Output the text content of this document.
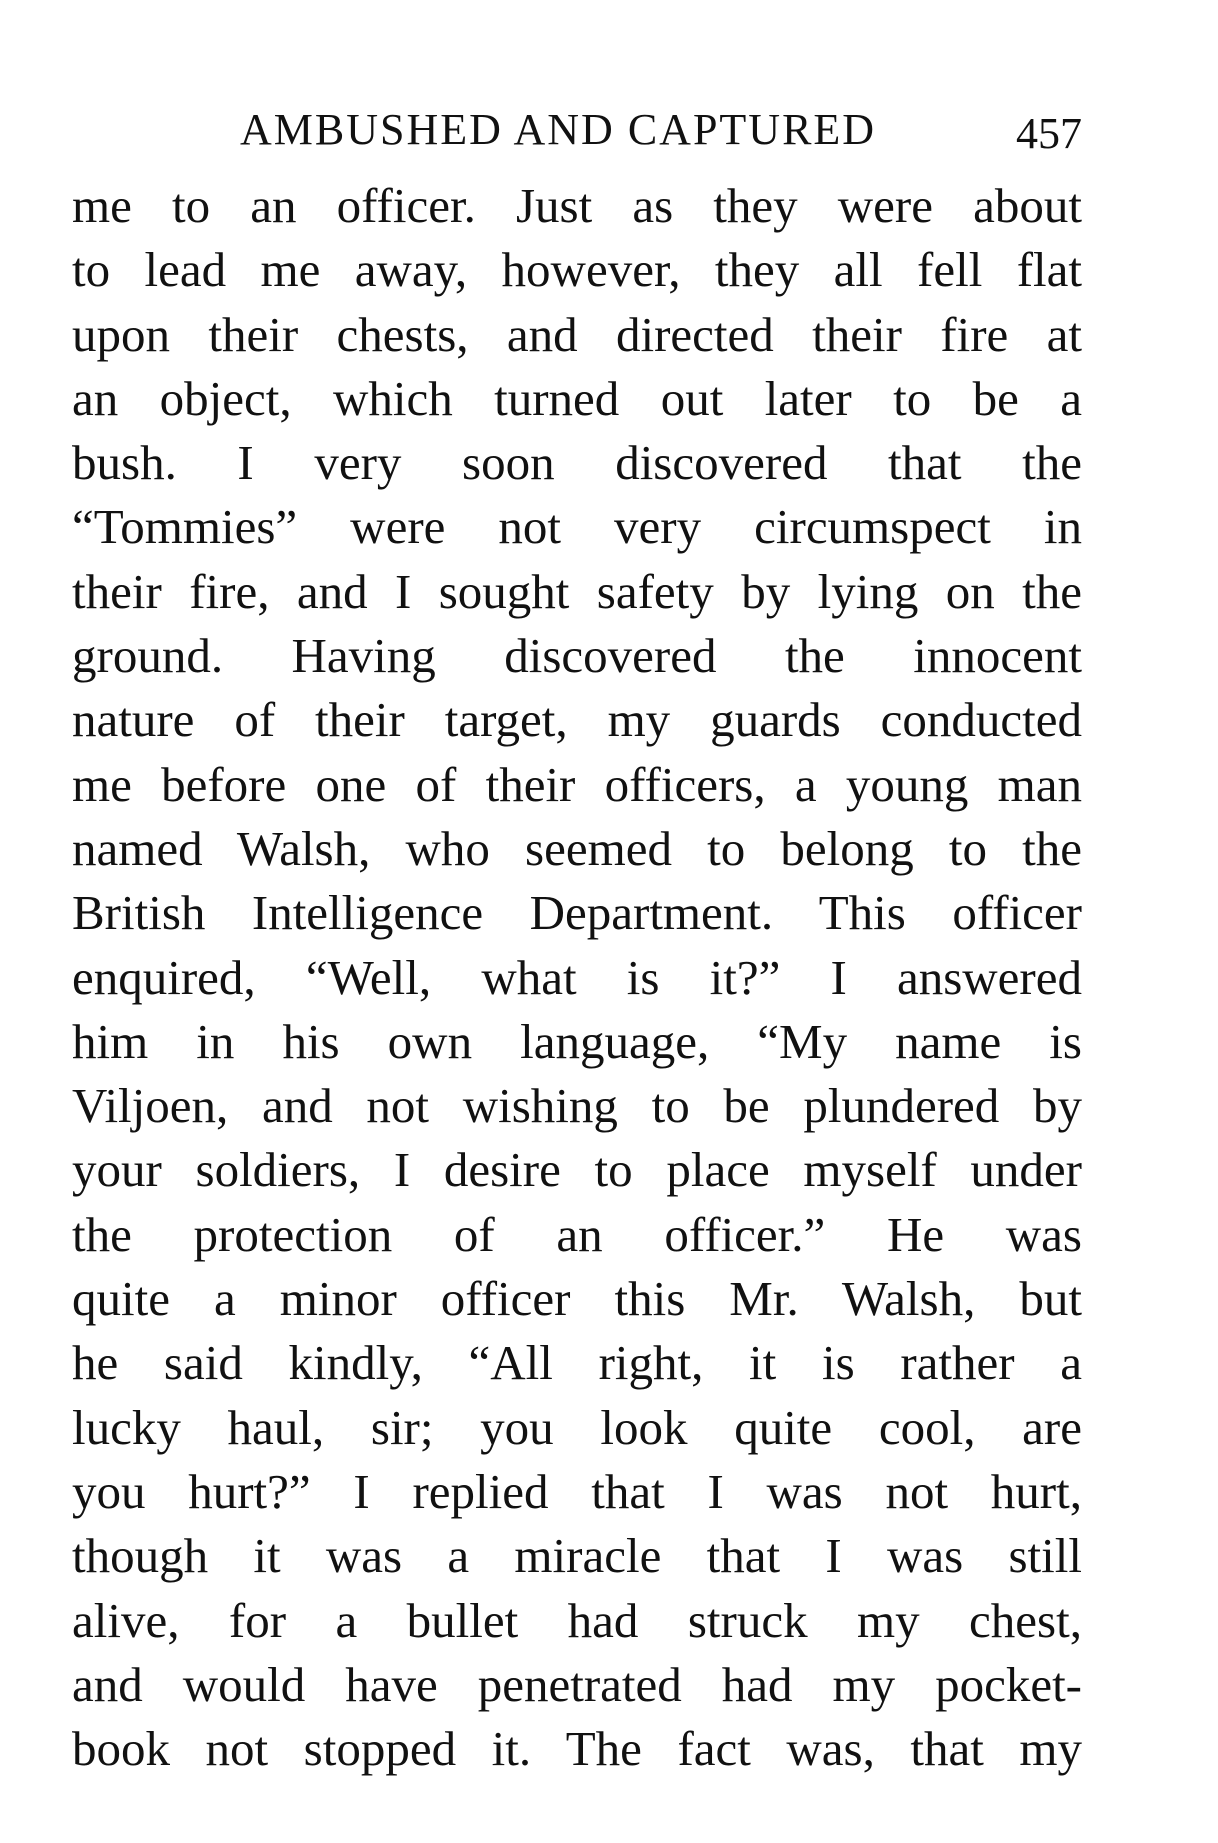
AMBUSHED AND CAPTURED	457
me to an officer. Just as they were about
to lead me away, however, they all fell flat
upon their chests, and directed their fire at
an object, which turned out later to be a
bush. I very soon discovered that the
“Tommies” were not very circumspect in
their fire, and I sought safety by lying on the
ground. Having discovered the innocent
nature of their target, my guards conducted
me before one of their officers, a young man
named Walsh, who seemed to belong to the
British Intelligence Department. This officer
enquired, “Well, what is it?” I answered
him in his own language, “My name is
Viljoen, and not wishing to be plundered by
your soldiers, I desire to place myself under
the protection of an officer.” He was
quite a minor officer this Mr. Walsh, but
he said kindly, “All right, it is rather a
lucky haul, sir; you look quite cool, are
you hurt?” I replied that I was not hurt,
though it was a miracle that I was still
alive, for a bullet had struck my chest,
and would have penetrated had my pocket-
book not stopped it. The fact was, that my
